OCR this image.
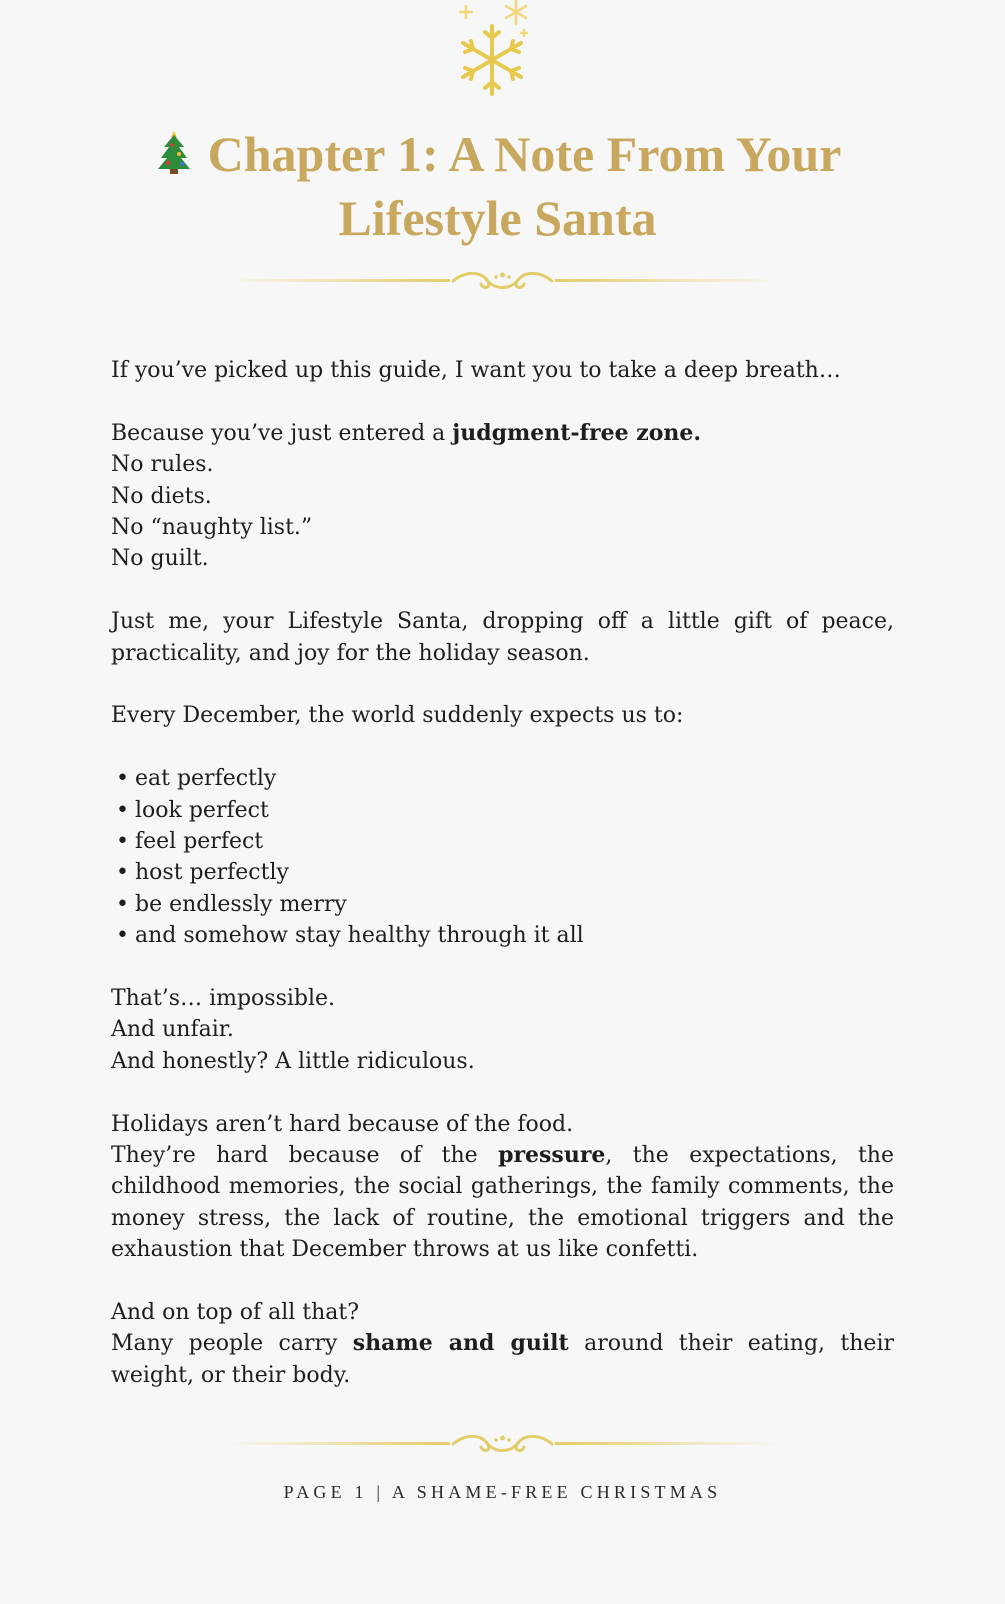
Chapter 1: A Note From Your
Lifestyle Santa

If you’ve picked up this guide, I want you to take a deep breath…

Because you’ve just entered a judgment-free zone.
No rules.
No diets.
No “naughty list.”
No guilt.

Just me, your Lifestyle Santa, dropping off a little gift of peace, practicality, and joy for the holiday season.

Every December, the world suddenly expects us to:

• eat perfectly
• look perfect
• feel perfect
• host perfectly
• be endlessly merry
• and somehow stay healthy through it all

That’s… impossible.
And unfair.
And honestly? A little ridiculous.

Holidays aren’t hard because of the food.
They’re hard because of the pressure, the expectations, the childhood memories, the social gatherings, the family comments, the money stress, the lack of routine, the emotional triggers and the exhaustion that December throws at us like confetti.

And on top of all that?
Many people carry shame and guilt around their eating, their weight, or their body.

PAGE 1 | A SHAME-FREE CHRISTMAS
